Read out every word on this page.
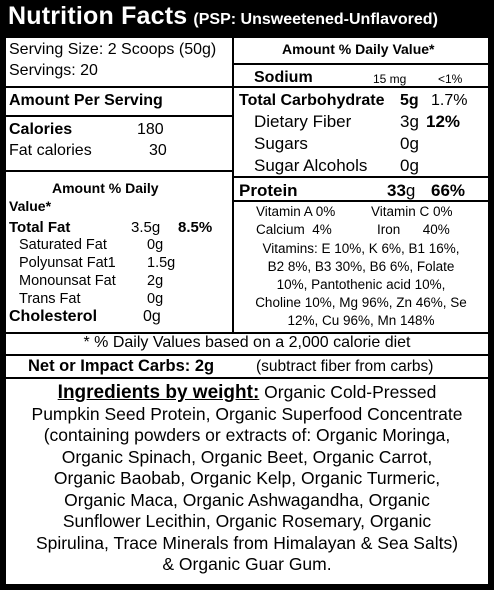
Nutrition Facts (PSP: Unsweetened-Unflavored)
Serving Size: 2 Scoops (50g)
Servings: 20
Amount % Daily Value*
Sodium	15 mg	<1%
Amount Per Serving
Calories	180
Fat calories	30
Total Carbohydrate 5g 1.7%
Dietary Fiber	3g 12%
Sugars	0g
Sugar Alcohols 0g
Amount % Daily
Value*
Total Fat	3.5g 8.5%
Saturated Fat	0g
Polyunsat Fat1 1.5g
Monounsat Fat 2g
Trans Fat	0g
Cholesterol	0g
Protein	33g 66%
Vitamin A 0%	Vitamin C 0%
Calcium  4%	Iron      40%
Vitamins: E 10%, K 6%, B1 16%,
B2 8%, B3 30%, B6 6%, Folate
10%, Pantothenic acid 10%,
Choline 10%, Mg 96%, Zn 46%, Se
12%, Cu 96%, Mn 148%
* % Daily Values based on a 2,000 calorie diet
Net or Impact Carbs: 2g	(subtract fiber from carbs)
Ingredients by weight: Organic Cold-Pressed
Pumpkin Seed Protein, Organic Superfood Concentrate
(containing powders or extracts of: Organic Moringa,
Organic Spinach, Organic Beet, Organic Carrot,
Organic Baobab, Organic Kelp, Organic Turmeric,
Organic Maca, Organic Ashwagandha, Organic
Sunflower Lecithin, Organic Rosemary, Organic
Spirulina, Trace Minerals from Himalayan & Sea Salts)
& Organic Guar Gum.
